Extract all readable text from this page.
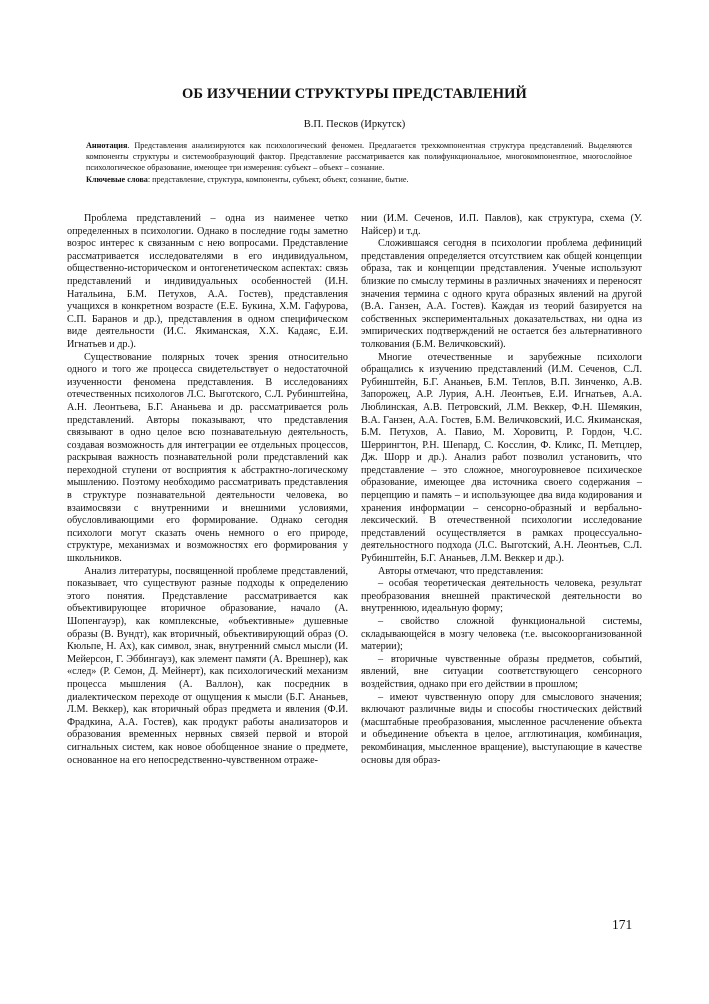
ОБ ИЗУЧЕНИИ СТРУКТУРЫ ПРЕДСТАВЛЕНИЙ

В.П. Песков (Иркутск)

Аннотация. Представления анализируются как психологический феномен. Предлагается трехкомпонентная структура представлений. Выделяются компоненты структуры и системообразующий фактор. Представление рассматривается как полифункциональное, многокомпонентное, многослойное психологическое образование, имеющее три измерения: субъект – объект – сознание.
Ключевые слова: представление, структура, компоненты, субъект, объект, сознание, бытие.

Проблема представлений – одна из наименее четко определенных в психологии. Однако в последние годы заметно возрос интерес к связанным с нею вопросами. Представление рассматривается исследователями в его индивидуальном, общественно-историческом и онтогенетическом аспектах: связь представлений и индивидуальных особенностей (И.Н. Натальина, Б.М. Петухов, А.А. Гостев), представления учащихся в конкретном возрасте (Е.Е. Букина, Х.М. Гафурова, С.П. Баранов и др.), представления в одном специфическом виде деятельности (И.С. Якиманская, Х.Х. Кадаяс, Е.И. Игнатьев и др.).

Существование полярных точек зрения относительно одного и того же процесса свидетельствует о недостаточной изученности феномена представления. В исследованиях отечественных психологов Л.С. Выготского, С.Л. Рубинштейна, А.Н. Леонтьева, Б.Г. Ананьева и др. рассматривается роль представлений. Авторы показывают, что представления связывают в одно целое всю познавательную деятельность, создавая возможность для интеграции ее отдельных процессов, раскрывая важность познавательной роли представлений как переходной ступени от восприятия к абстрактно-логическому мышлению. Поэтому необходимо рассматривать представления в структуре познавательной деятельности человека, во взаимосвязи с внутренними и внешними условиями, обусловливающими его формирование. Однако сегодня психологи могут сказать очень немного о его природе, структуре, механизмах и возможностях его формирования у школьников.

Анализ литературы, посвященной проблеме представлений, показывает, что существуют разные подходы к определению этого понятия. Представление рассматривается как объективирующее вторичное образование, начало (А. Шопенгауэр), как комплексные, «объективные» душевные образы (В. Вундт), как вторичный, объективирующий образ (О. Кюльпе, Н. Ах), как символ, знак, внутренний смысл мысли (И. Мейерсон, Г. Эббингауз), как элемент памяти (А. Врешнер), как «след» (Р. Семон, Д. Мейнерт), как психологический механизм процесса мышления (А. Валлон), как посредник в диалектическом переходе от ощущения к мысли (Б.Г. Ананьев, Л.М. Веккер), как вторичный образ предмета и явления (Ф.И. Фрадкина, А.А. Гостев), как продукт работы анализаторов и образования временных нервных связей первой и второй сигнальных систем, как новое обобщенное знание о предмете, основанное на его непосредственно-чувственном отраже-

нии (И.М. Сеченов, И.П. Павлов), как структура, схема (У. Найсер) и т.д.

Сложившаяся сегодня в психологии проблема дефиниций представления определяется отсутствием как общей концепции образа, так и концепции представления. Ученые используют близкие по смыслу термины в различных значениях и переносят значения термина с одного круга образных явлений на другой (В.А. Ганзен, А.А. Гостев). Каждая из теорий базируется на собственных экспериментальных доказательствах, ни одна из эмпирических подтверждений не остается без альтернативного толкования (Б.М. Величковский).

Многие отечественные и зарубежные психологи обращались к изучению представлений (И.М. Сеченов, С.Л. Рубинштейн, Б.Г. Ананьев, Б.М. Теплов, В.П. Зинченко, А.В. Запорожец, А.Р. Лурия, А.Н. Леонтьев, Е.И. Игнатьев, А.А. Люблинская, А.В. Петровский, Л.М. Веккер, Ф.Н. Шемякин, В.А. Ганзен, А.А. Гостев, Б.М. Величковский, И.С. Якиманская, Б.М. Петухов, А. Павио, М. Хоровитц, Р. Гордон, Ч.С. Шеррингтон, Р.Н. Шепард, С. Косслин, Ф. Кликс, П. Метцлер, Дж. Шорр и др.). Анализ работ позволил установить, что представление – это сложное, многоуровневое психическое образование, имеющее два источника своего содержания – перцепцию и память – и использующее два вида кодирования и хранения информации – сенсорно-образный и вербально-лексический. В отечественной психологии исследование представлений осуществляется в рамках процессуально-деятельностного подхода (Л.С. Выготский, А.Н. Леонтьев, С.Л. Рубинштейн, Б.Г. Ананьев, Л.М. Веккер и др.).

Авторы отмечают, что представления:

– особая теоретическая деятельность человека, результат преобразования внешней практической деятельности во внутреннюю, идеальную форму;

– свойство сложной функциональной системы, складывающейся в мозгу человека (т.е. высокоорганизованной материи);

– вторичные чувственные образы предметов, событий, явлений, вне ситуации соответствующего сенсорного воздействия, однако при его действии в прошлом;

– имеют чувственную опору для смыслового значения; включают различные виды и способы гностических действий (масштабные преобразования, мысленное расчленение объекта и объединение объекта в целое, агглютинация, комбинация, рекомбинация, мысленное вращение), выступающие в качестве основы для образ-

171
